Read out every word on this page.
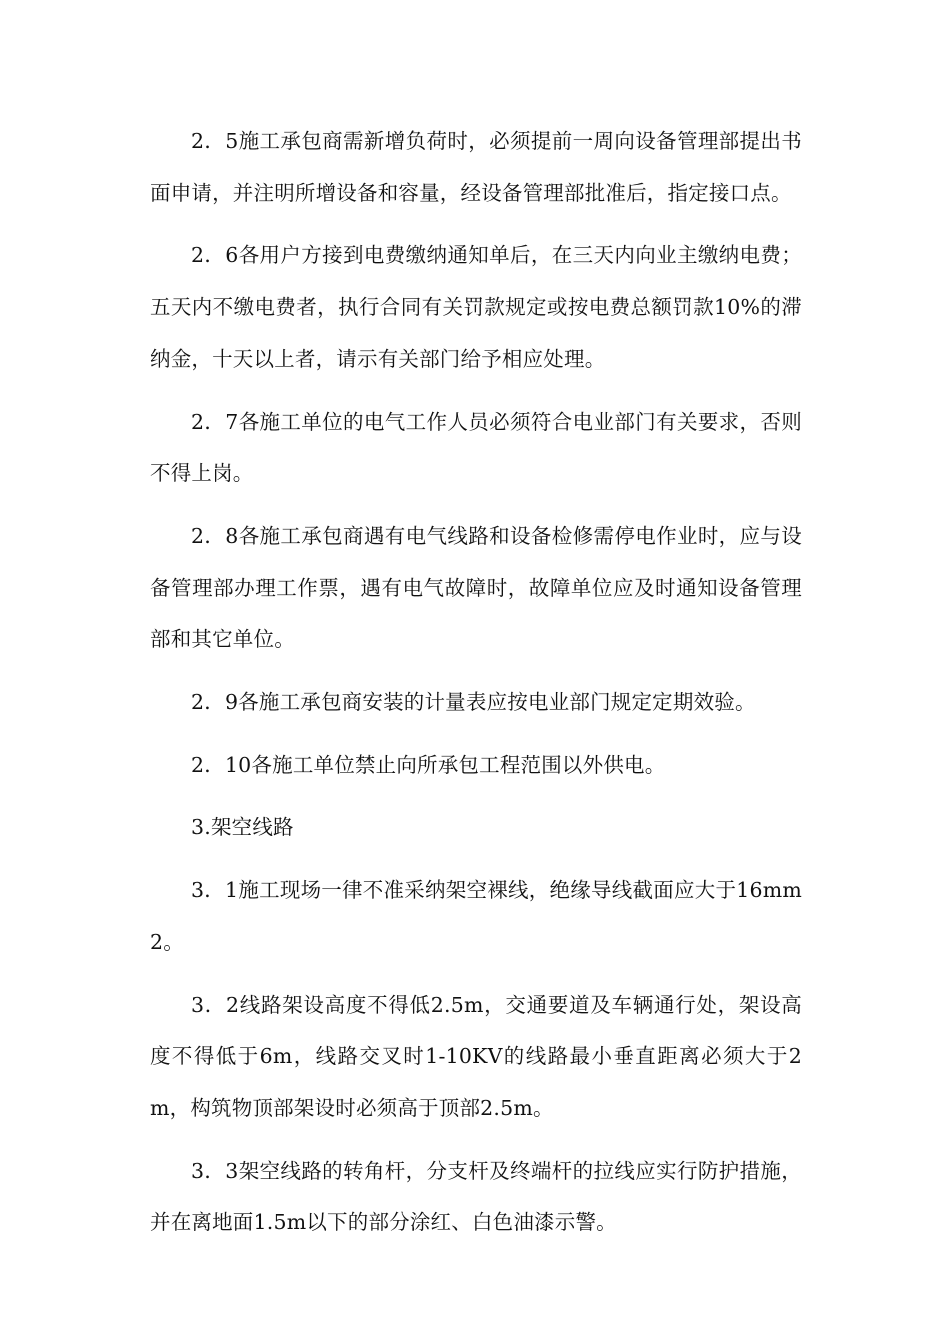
2．5施工承包商需新增负荷时，必须提前一周向设备管理部提出书面申请，并注明所增设备和容量，经设备管理部批准后，指定接口点。

2．6各用户方接到电费缴纳通知单后，在三天内向业主缴纳电费；五天内不缴电费者，执行合同有关罚款规定或按电费总额罚款10%的滞纳金，十天以上者，请示有关部门给予相应处理。

2．7各施工单位的电气工作人员必须符合电业部门有关要求，否则不得上岗。

2．8各施工承包商遇有电气线路和设备检修需停电作业时，应与设备管理部办理工作票，遇有电气故障时，故障单位应及时通知设备管理部和其它单位。

2．9各施工承包商安装的计量表应按电业部门规定定期效验。

2．10各施工单位禁止向所承包工程范围以外供电。

3.架空线路

3．1施工现场一律不准采纳架空裸线，绝缘导线截面应大于16mm2。

3．2线路架设高度不得低2.5m，交通要道及车辆通行处，架设高度不得低于6m，线路交叉时1-10KV的线路最小垂直距离必须大于2m，构筑物顶部架设时必须高于顶部2.5m。

3．3架空线路的转角杆，分支杆及终端杆的拉线应实行防护措施，并在离地面1.5m以下的部分涂红、白色油漆示警。
